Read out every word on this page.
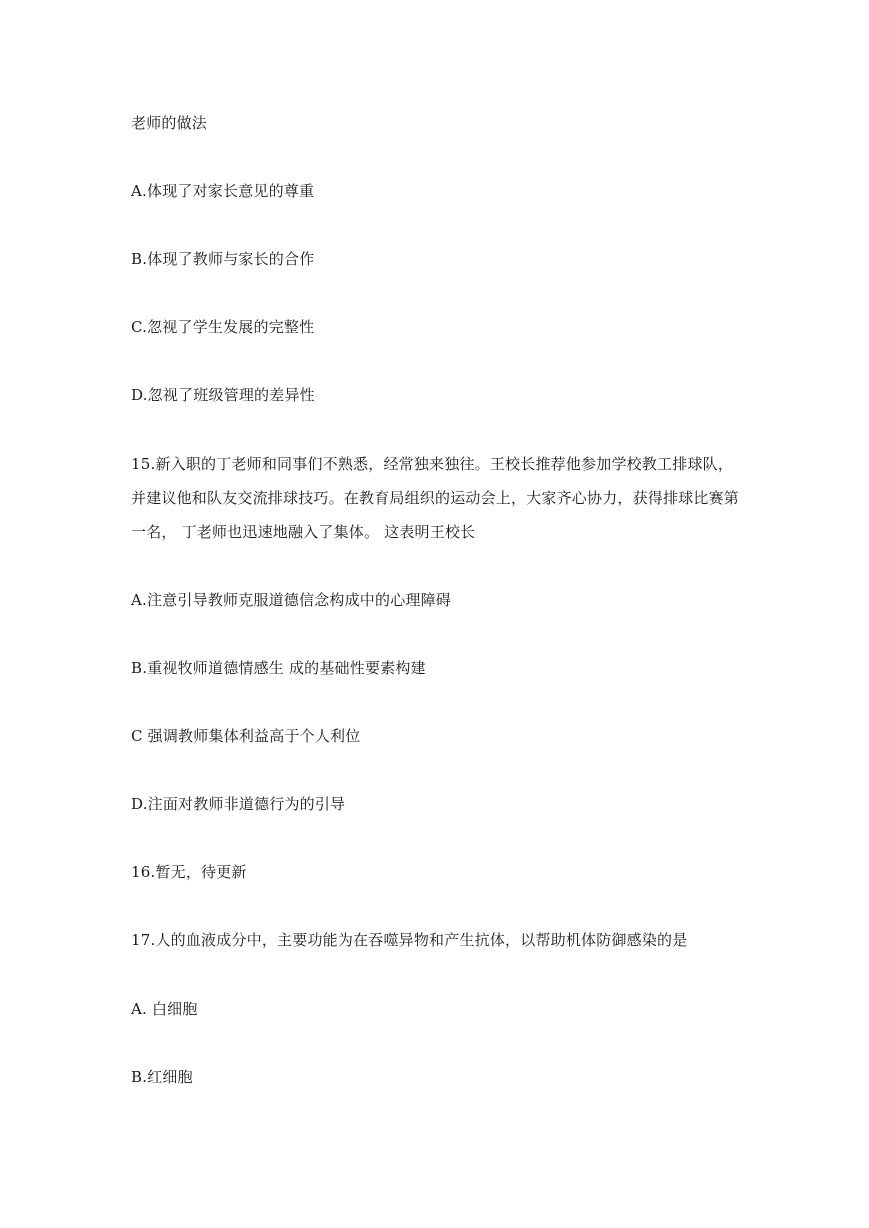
老师的做法
A.体现了对家长意见的尊重
B.体现了教师与家长的合作
C.忽视了学生发展的完整性
D.忽视了班级管理的差异性
15.新入职的丁老师和同事们不熟悉，经常独来独往。王校长推荐他参加学校教工排球队，
并建议他和队友交流排球技巧。在教育局组织的运动会上，大家齐心协力，获得排球比赛第
一名， 丁老师也迅速地融入了集体。 这表明王校长
A.注意引导教师克服道德信念构成中的心理障碍
B.重视牧师道德情感生 成的基础性要素构建
C 强调教师集体利益高于个人利位
D.注面对教师非道德行为的引导
16.暂无，待更新
17.人的血液成分中，主要功能为在吞噬异物和产生抗体，以帮助机体防御感染的是
A. 白细胞
B.红细胞
